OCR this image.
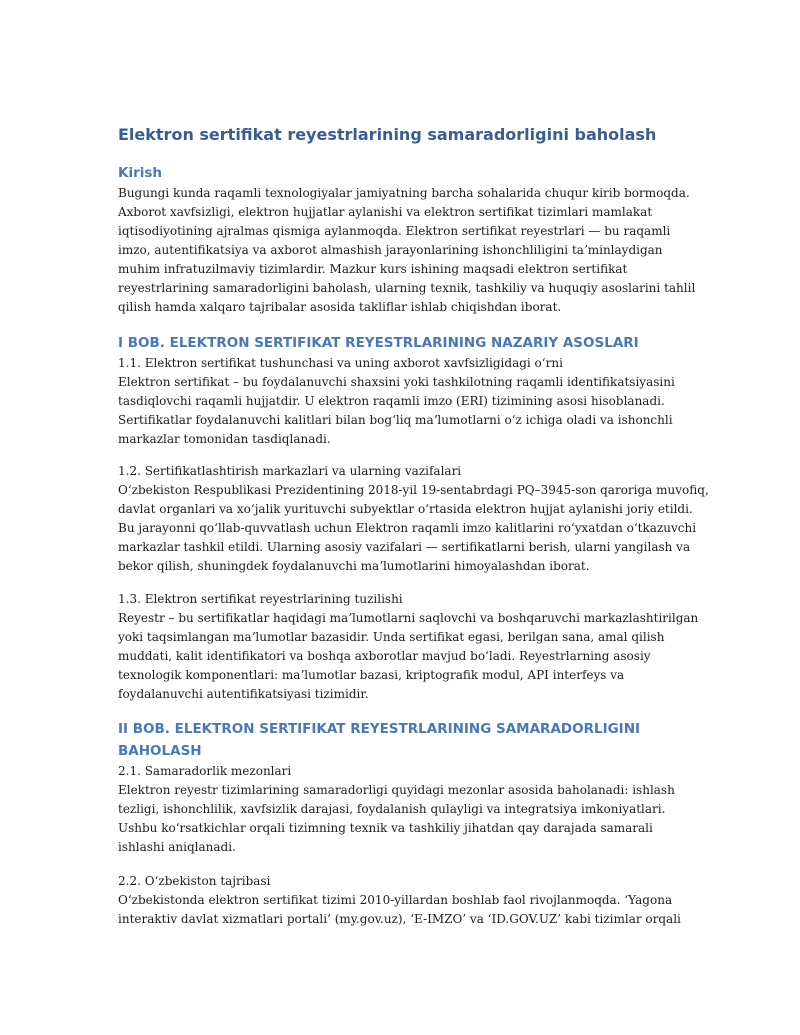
Elektron sertifikat reyestrlarining samaradorligini baholash
Kirish

Bugungi kunda raqamli texnologiyalar jamiyatning barcha sohalarida chuqur kirib bormoqda.
Axborot xavfsizligi, elektron hujjatlar aylanishi va elektron sertifikat tizimlari mamlakat
iqtisodiyotining ajralmas qismiga aylanmoqda. Elektron sertifikat reyestrlari — bu raqamli
imzo, autentifikatsiya va axborot almashish jarayonlarining ishonchliligini taʼminlaydigan
muhim infratuzilmaviy tizimlardir. Mazkur kurs ishining maqsadi elektron sertifikat
reyestrlarining samaradorligini baholash, ularning texnik, tashkiliy va huquqiy asoslarini tahlil
qilish hamda xalqaro tajribalar asosida takliflar ishlab chiqishdan iborat.

I BOB. ELEKTRON SERTIFIKAT REYESTRLARINING NAZARIY ASOSLARI

1.1. Elektron sertifikat tushunchasi va uning axborot xavfsizligidagi oʻrni
Elektron sertifikat – bu foydalanuvchi shaxsini yoki tashkilotning raqamli identifikatsiyasini
tasdiqlovchi raqamli hujjatdir. U elektron raqamli imzo (ERI) tizimining asosi hisoblanadi.
Sertifikatlar foydalanuvchi kalitlari bilan bogʻliq maʼlumotlarni oʻz ichiga oladi va ishonchli
markazlar tomonidan tasdiqlanadi.

1.2. Sertifikatlashtirish markazlari va ularning vazifalari
Oʻzbekiston Respublikasi Prezidentining 2018-yil 19-sentabrdagi PQ–3945-son qaroriga muvofiq,
davlat organlari va xoʻjalik yurituvchi subyektlar oʻrtasida elektron hujjat aylanishi joriy etildi.
Bu jarayonni qoʻllab-quvvatlash uchun Elektron raqamli imzo kalitlarini roʻyxatdan oʻtkazuvchi
markazlar tashkil etildi. Ularning asosiy vazifalari — sertifikatlarni berish, ularni yangilash va
bekor qilish, shuningdek foydalanuvchi maʼlumotlarini himoyalashdan iborat.

1.3. Elektron sertifikat reyestrlarining tuzilishi
Reyestr – bu sertifikatlar haqidagi maʼlumotlarni saqlovchi va boshqaruvchi markazlashtirilgan
yoki taqsimlangan maʼlumotlar bazasidir. Unda sertifikat egasi, berilgan sana, amal qilish
muddati, kalit identifikatori va boshqa axborotlar mavjud boʻladi. Reyestrlarning asosiy
texnologik komponentlari: maʼlumotlar bazasi, kriptografik modul, API interfeys va
foydalanuvchi autentifikatsiyasi tizimidir.

II BOB. ELEKTRON SERTIFIKAT REYESTRLARINING SAMARADORLIGINI
BAHOLASH

2.1. Samaradorlik mezonlari
Elektron reyestr tizimlarining samaradorligi quyidagi mezonlar asosida baholanadi: ishlash
tezligi, ishonchlilik, xavfsizlik darajasi, foydalanish qulayligi va integratsiya imkoniyatlari.
Ushbu koʻrsatkichlar orqali tizimning texnik va tashkiliy jihatdan qay darajada samarali
ishlashi aniqlanadi.

2.2. Oʻzbekiston tajribasi
Oʻzbekistonda elektron sertifikat tizimi 2010-yillardan boshlab faol rivojlanmoqda. ‘Yagona
interaktiv davlat xizmatlari portali’ (my.gov.uz), ‘E-IMZO’ va ‘ID.GOV.UZ’ kabi tizimlar orqali
